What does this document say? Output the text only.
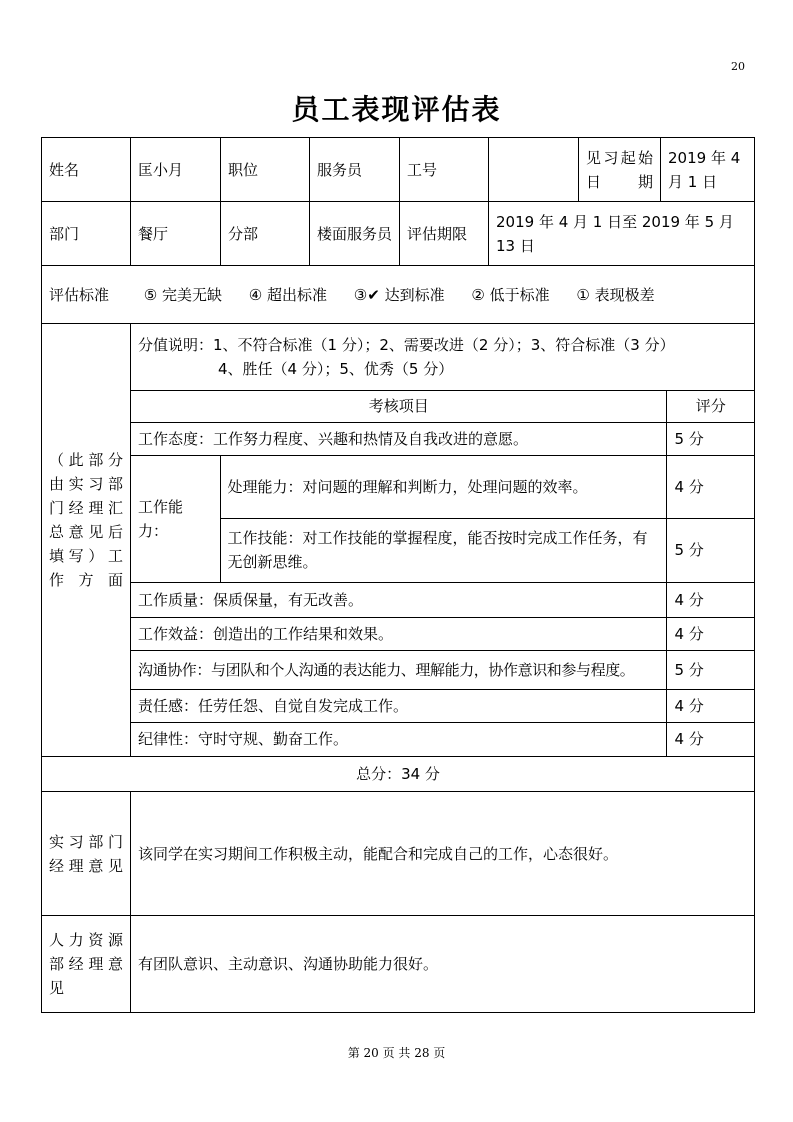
20
员工表现评估表
姓名	匡小月	职位	服务员	工号		见习起始日期	2019 年 4 月 1 日
部门	餐厅	分部	楼面服务员	评估期限	2019 年 4 月 1 日至 2019 年 5 月 13 日
评估标准 ⑤ 完美无缺 ④ 超出标准 ③✔ 达到标准 ② 低于标准 ① 表现极差
（此部分由实习部门经理汇总意见后填写）工作方面	
分值说明：1、不符合标准（1 分）；2、需要改进（2 分）；3、符合标准（3 分）
4、胜任（4 分）；5、优秀（5 分）

考核项目	评分
工作态度：工作努力程度、兴趣和热情及自我改进的意愿。	5 分
工作能力：	处理能力：对问题的理解和判断力，处理问题的效率。	4 分
工作技能：对工作技能的掌握程度，能否按时完成工作任务，有无创新思维。	5 分
工作质量：保质保量，有无改善。	4 分
工作效益：创造出的工作结果和效果。	4 分
沟通协作：与团队和个人沟通的表达能力、理解能力，协作意识和参与程度。	5 分
责任感：任劳任怨、自觉自发完成工作。	4 分
纪律性：守时守规、勤奋工作。	4 分

总分：34 分
实习部门经理意见	该同学在实习期间工作积极主动，能配合和完成自己的工作，心态很好。
人力资源部经理意见	有团队意识、主动意识、沟通协助能力很好。
第 20 页 共 28 页
